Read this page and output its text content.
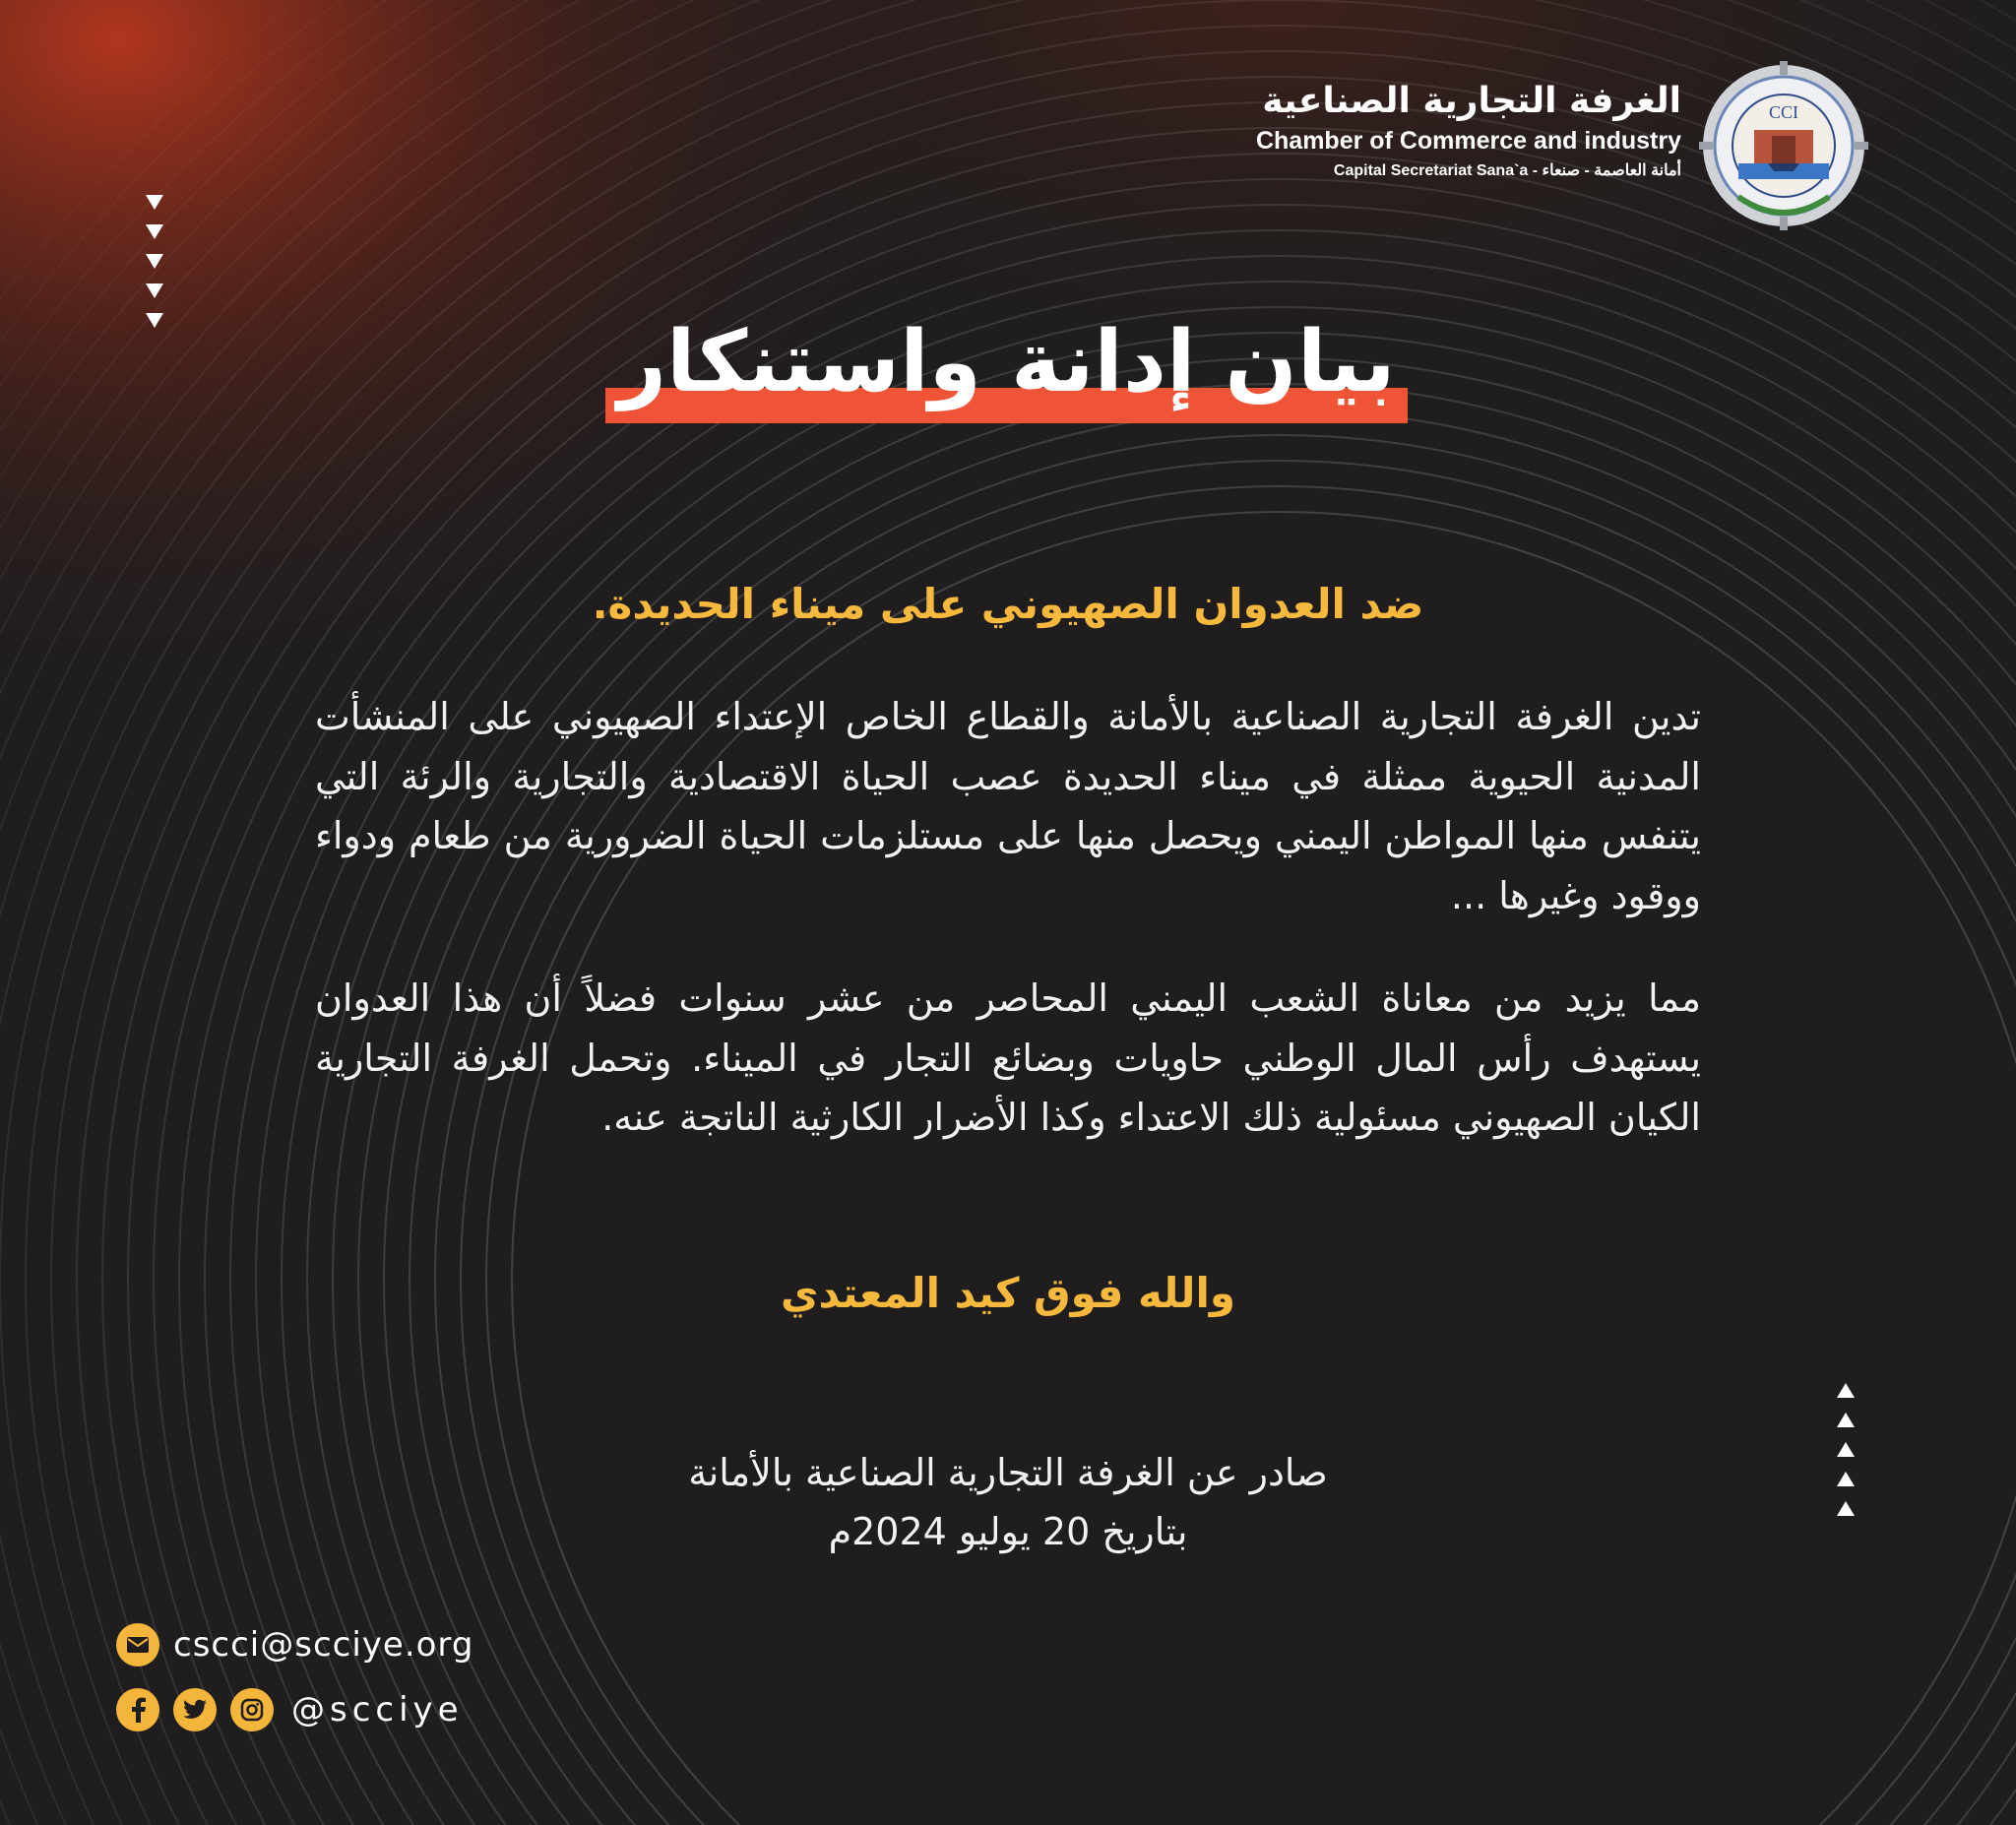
الغرفة التجارية الصناعية
Chamber of Commerce and industry
Capital Secretariat Sana`a - أمانة العاصمة - صنعاء
CCI
بيان إدانة واستنكار
ضد العدوان الصهيوني على ميناء الحديدة.
تدين الغرفة التجارية الصناعية بالأمانة والقطاع الخاص الإعتداء الصهيوني على المنشأت المدنية الحيوية ممثلة في ميناء الحديدة عصب الحياة الاقتصادية والتجارية والرئة التي يتنفس منها المواطن اليمني ويحصل منها على مستلزمات الحياة الضرورية من طعام ودواء ووقود وغيرها ...
مما يزيد من معاناة الشعب اليمني المحاصر من عشر سنوات فضلاً أن هذا العدوان يستهدف رأس المال الوطني حاويات وبضائع التجار في الميناء. وتحمل الغرفة التجارية الكيان الصهيوني مسئولية ذلك الاعتداء وكذا الأضرار الكارثية الناتجة عنه.
والله فوق كيد المعتدي
صادر عن الغرفة التجارية الصناعية بالأمانة
بتاريخ 20 يوليو 2024م
cscci@scciye.org
@scciye
